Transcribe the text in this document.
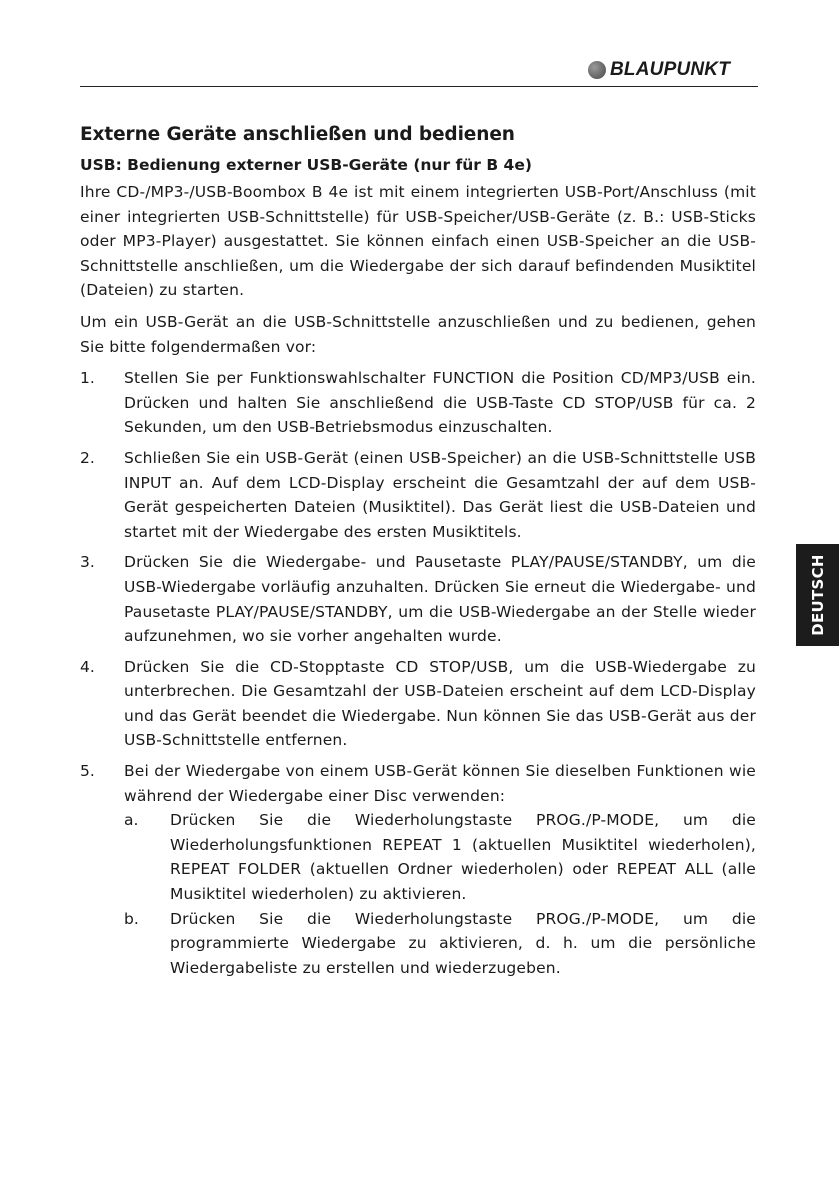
BLAUPUNKT
Externe Geräte anschließen und bedienen
USB: Bedienung externer USB-Geräte (nur für B 4e)

Ihre CD-/MP3-/USB-Boombox B 4e ist mit einem integrierten USB-Port/Anschluss (mit einer integrierten USB-Schnittstelle) für USB-Speicher/USB-Geräte (z. B.: USB-Sticks oder MP3-Player) ausgestattet. Sie können einfach einen USB-Speicher an die USB-Schnittstelle anschließen, um die Wiedergabe der sich darauf befindenden Musiktitel (Dateien) zu starten.

Um ein USB-Gerät an die USB-Schnittstelle anzuschließen und zu bedienen, gehen Sie bitte folgendermaßen vor:

1.	Stellen Sie per Funktionswahlschalter FUNCTION die Position CD/MP3/USB ein. Drücken und halten Sie anschließend die USB-Taste CD STOP/USB für ca. 2 Sekunden, um den USB-Betriebsmodus einzuschalten.
2.	Schließen Sie ein USB-Gerät (einen USB-Speicher) an die USB-Schnittstelle USB INPUT an. Auf dem LCD-Display erscheint die Gesamtzahl der auf dem USB-Gerät gespeicherten Dateien (Musiktitel). Das Gerät liest die USB-Dateien und startet mit der Wiedergabe des ersten Musiktitels.
3.	Drücken Sie die Wiedergabe- und Pausetaste PLAY/PAUSE/STANDBY, um die USB-Wiedergabe vorläufig anzuhalten. Drücken Sie erneut die Wiedergabe- und Pausetaste PLAY/PAUSE/STANDBY, um die USB-Wiedergabe an der Stelle wieder aufzunehmen, wo sie vorher angehalten wurde.
4.	Drücken Sie die CD-Stopptaste CD STOP/USB, um die USB-Wiedergabe zu unterbrechen. Die Gesamtzahl der USB-Dateien erscheint auf dem LCD-Display und das Gerät beendet die Wiedergabe. Nun können Sie das USB-Gerät aus der USB-Schnittstelle entfernen.
5.	Bei der Wiedergabe von einem USB-Gerät können Sie dieselben Funktionen wie während der Wiedergabe einer Disc verwenden:
a.	Drücken Sie die Wiederholungstaste PROG./P-MODE, um die Wiederholungsfunktionen REPEAT 1 (aktuellen Musiktitel wiederholen), REPEAT FOLDER (aktuellen Ordner wiederholen) oder REPEAT ALL (alle Musiktitel wiederholen) zu aktivieren.
b.	Drücken Sie die Wiederholungstaste PROG./P-MODE, um die programmierte Wiedergabe zu aktivieren, d. h. um die persönliche Wiedergabeliste zu erstellen und wiederzugeben.
DEUTSCH
